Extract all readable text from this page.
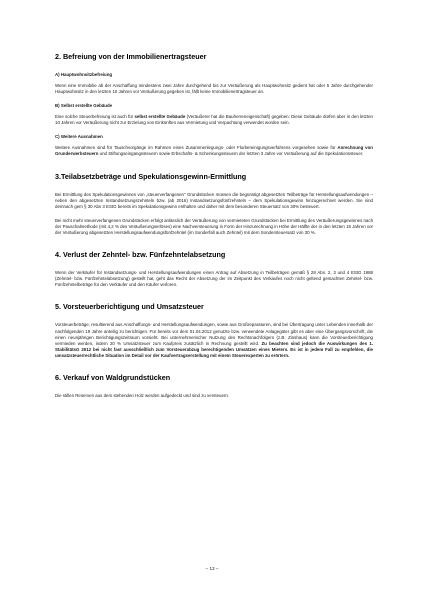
2. Befreiung von der Immobilienertragsteuer
A) Hauptwohnsitzbefreiung

Wenn eine Immobilie ab der Anschaffung mindestens zwei Jahre durchgehend bis zur Veräußerung als Hauptwohnsitz gedient hat oder 5 Jahre durchgehender Hauptwohnsitz in den letzten 10 Jahren vor Veräußerung gegeben ist, fällt keine Immobilienertragsteuer an.

B) Selbst erstellte Gebäude

Eine solche Steuerbefreiung ist auch für selbst erstellte Gebäude (Veräußerer hat die Bauherreneigenschaft) gegeben: Diese Gebäude dürfen aber in den letzten 10 Jahren vor Veräußerung nicht zur Erzielung von Einkünften aus Vermietung und Verpachtung verwendet worden sein.

C) Weitere Ausnahmen

Weitere Ausnahmen sind für Tauschvorgänge im Rahmen eines Zusammenlegungs- oder Flurbereinigungsverfahrens vorgesehen sowie für Anrechnung von Grunderwerbsteuern und Stiftungseingangssteuern sowie Erbschafts- & Schenkungssteuern der letzten 3 Jahre vor Veräußerung auf die Spekulationssteuer.

3.Teilabsetzbeträge und Spekulationsgewinn-Ermittlung

Bei Ermittlung des Spekulationsgewinnes von „steuerverfangenen" Grundstücken müssen die begünstigt abgesetzten Teilbeträge für Herstellungsaufwendungen – neben den abgesetzten Instandsetzungszehnteln bzw. (ab 2016) Instandsetzungsfünfzehnteln – dem Spekulationsgewinn hinzugerechnet werden. Sie sind demnach gem § 30 Abs 3 EStG bereits im Spekulationsgewinn enthalten und daher mit dem besonderen Steuersatz von 30% besteuert.

Bei nicht mehr steuerverfangenen Grundstücken erfolgt anlässlich der Veräußerung von vermieteten Grundstücken bei Ermittlung des Veräußerungsgewinnes nach der Pauschalmethode (mit 4,2 % des Veräußerungserlöses) eine Nachversteuerung in Form der Hinzurechnung in Höhe der Hälfte der in den letzten 15 Jahren vor der Veräußerung abgesetzten Herstellungsaufwendungsfünfzehntel (im Sonderfall auch Zehntel) mit dem Sondersteuersatz von 30 %.

4. Verlust der Zehntel- bzw. Fünfzehntelabsetzung

Wenn der Verkäufer für Instandsetzungs- und Herstellungsaufwendungen einen Antrag auf Absetzung in Teilbeträgen gemäß § 28 Abs. 2, 3 und 4 EStG 1988 (Zehntel- bzw. Fünfzehntelabsetzung) gestellt hat, geht das Recht der Absetzung der im Zeitpunkt des Verkaufes noch nicht geltend gemachten Zehntel- bzw. Fünfzehntelbeträge für den Verkäufer und den Käufer verloren.

5. Vorsteuerberichtigung und Umsatzsteuer

Vorsteuerbeträge, resultierend aus Anschaffungs- und Herstellungsaufwendungen, sowie aus Großreparaturen, sind bei Übertragung unter Lebenden innerhalb der nachfolgenden 19 Jahre anteilig zu berichtigen. Für bereits vor dem 01.04.2012 genutzte bzw. verwendete Anlagegüter gibt es aber eine Übergangsvorschrift, die einen neunjährigen Berichtigungszeitraum vorsieht. Bei unternehmerischer Nutzung des Rechtsnachfolgers (z.B. Zinshaus) kann die Vorsteuerberichtigung vermieden werden, indem 20 % Umsatzsteuer zum Kaufpreis zusätzlich in Rechnung gestellt wird. Zu beachten sind jedoch die Auswirkungen des 1. StabilitätsG 2012 bei nicht fast ausschließlich zum Vorsteuerabzug berechtigenden Umsätzen eines Mieters. Es ist in jedem Fall zu empfehlen, die umsatzsteuerrechtliche Situation im Detail vor der Kaufvertragserstellung mit einem Steuerexperten zu erörtern.

6. Verkauf von Waldgrundstücken

Die stillen Reserven aus dem stehenden Holz werden aufgedeckt und sind zu versteuern.

– 13 –
